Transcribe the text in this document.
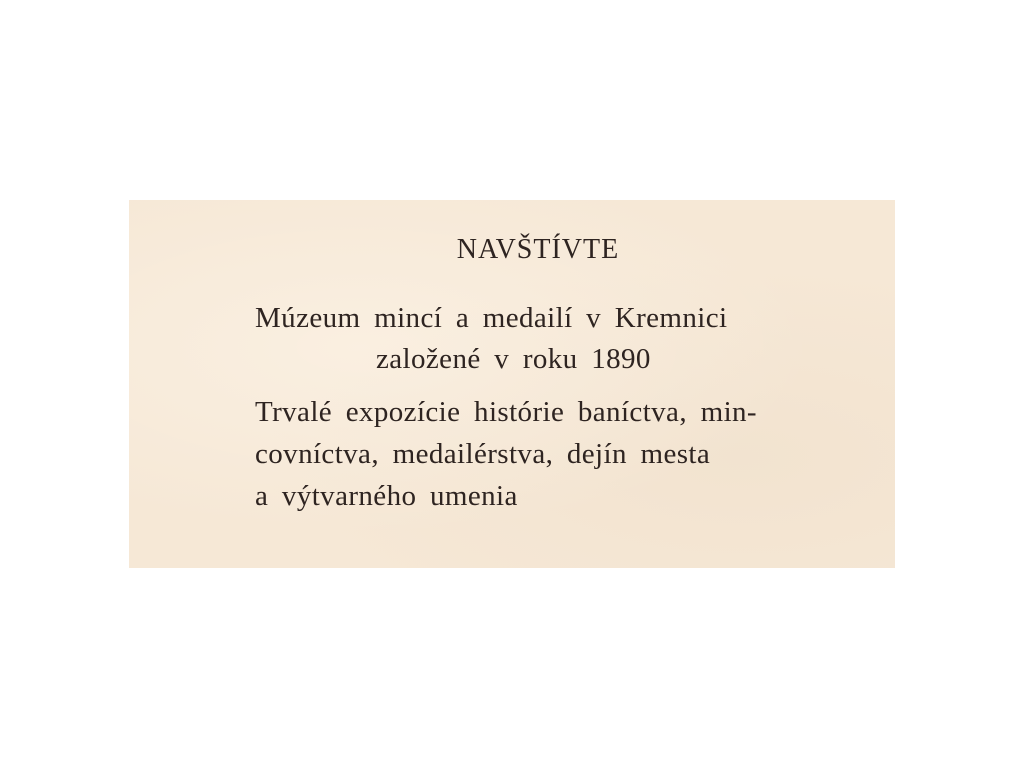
NAVŠTÍVTE
Múzeum mincí a medailí v Kremnici
založené v roku 1890
Trvalé expozície histórie baníctva, min-
covníctva, medailérstva, dejín mesta
a výtvarného umenia
